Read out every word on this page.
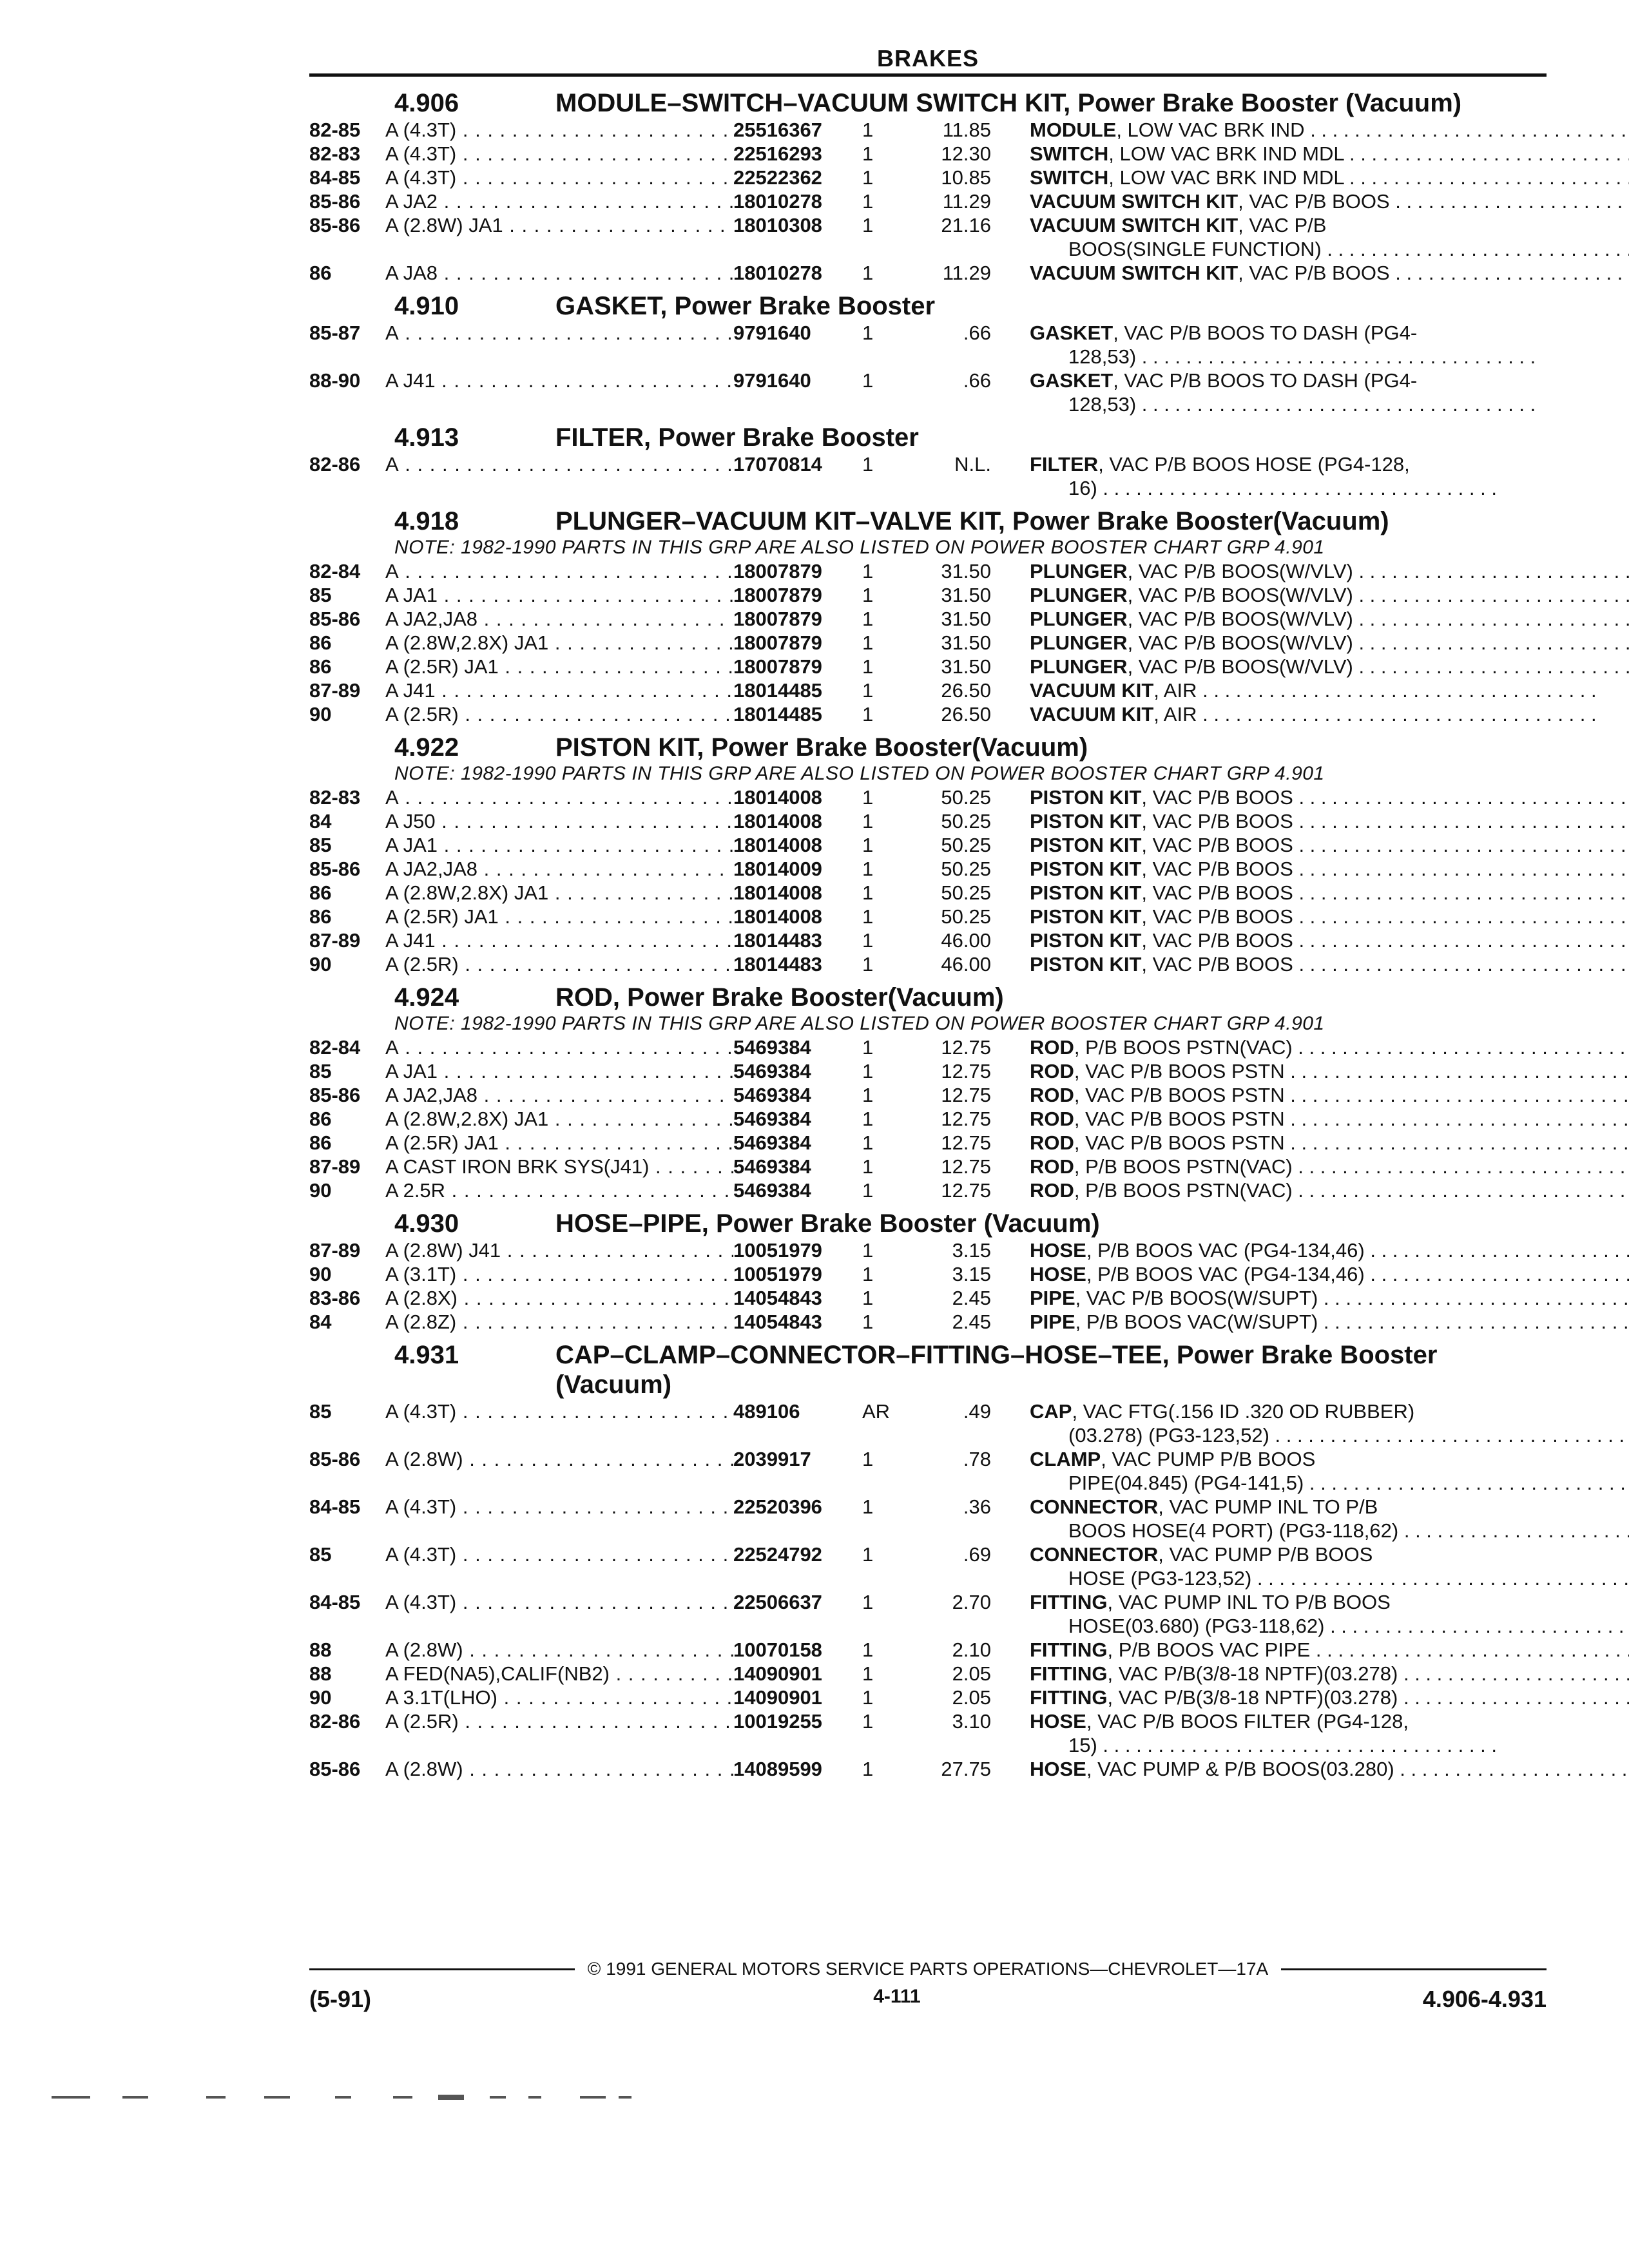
BRAKES
4.906	MODULE–SWITCH–VACUUM SWITCH KIT, Power Brake Booster (Vacuum)
82-85	A (4.3T) . . .	25516367	1	11.85	MODULE, LOW VAC BRK IND . . .
82-83	A (4.3T) . . .	22516293	1	12.30	SWITCH, LOW VAC BRK IND MDL . . .
84-85	A (4.3T) . . .	22522362	1	10.85	SWITCH, LOW VAC BRK IND MDL . . .
85-86	A JA2 . . .	18010278	1	11.29	VACUUM SWITCH KIT, VAC P/B BOOS . . .
85-86	A (2.8W) JA1 . . .	18010308	1	21.16	VACUUM SWITCH KIT, VAC P/B
BOOS(SINGLE FUNCTION) . . .
86	A JA8 . . .	18010278	1	11.29	VACUUM SWITCH KIT, VAC P/B BOOS . . .
4.910	GASKET, Power Brake Booster
85-87	A . . .	9791640	1	.66	GASKET, VAC P/B BOOS TO DASH (PG4-
128,53) . . .
88-90	A J41 . . .	9791640	1	.66	GASKET, VAC P/B BOOS TO DASH (PG4-
128,53) . . .
4.913	FILTER, Power Brake Booster
82-86	A . . .	17070814	1	N.L.	FILTER, VAC P/B BOOS HOSE (PG4-128,
16) . . .
4.918	PLUNGER–VACUUM KIT–VALVE KIT, Power Brake Booster(Vacuum)
NOTE: 1982-1990 PARTS IN THIS GRP ARE ALSO LISTED ON POWER BOOSTER CHART GRP 4.901
82-84	A . . .	18007879	1	31.50	PLUNGER, VAC P/B BOOS(W/VLV) . . .
85	A JA1 . . .	18007879	1	31.50	PLUNGER, VAC P/B BOOS(W/VLV) . . .
85-86	A JA2,JA8 . . .	18007879	1	31.50	PLUNGER, VAC P/B BOOS(W/VLV) . . .
86	A (2.8W,2.8X) JA1 . . .	18007879	1	31.50	PLUNGER, VAC P/B BOOS(W/VLV) . . .
86	A (2.5R) JA1 . . .	18007879	1	31.50	PLUNGER, VAC P/B BOOS(W/VLV) . . .
87-89	A J41 . . .	18014485	1	26.50	VACUUM KIT, AIR . . .
90	A (2.5R) . . .	18014485	1	26.50	VACUUM KIT, AIR . . .
4.922	PISTON KIT, Power Brake Booster(Vacuum)
NOTE: 1982-1990 PARTS IN THIS GRP ARE ALSO LISTED ON POWER BOOSTER CHART GRP 4.901
82-83	A . . .	18014008	1	50.25	PISTON KIT, VAC P/B BOOS . . .
84	A J50 . . .	18014008	1	50.25	PISTON KIT, VAC P/B BOOS . . .
85	A JA1 . . .	18014008	1	50.25	PISTON KIT, VAC P/B BOOS . . .
85-86	A JA2,JA8 . . .	18014009	1	50.25	PISTON KIT, VAC P/B BOOS . . .
86	A (2.8W,2.8X) JA1 . . .	18014008	1	50.25	PISTON KIT, VAC P/B BOOS . . .
86	A (2.5R) JA1 . . .	18014008	1	50.25	PISTON KIT, VAC P/B BOOS . . .
87-89	A J41 . . .	18014483	1	46.00	PISTON KIT, VAC P/B BOOS . . .
90	A (2.5R) . . .	18014483	1	46.00	PISTON KIT, VAC P/B BOOS . . .
4.924	ROD, Power Brake Booster(Vacuum)
NOTE: 1982-1990 PARTS IN THIS GRP ARE ALSO LISTED ON POWER BOOSTER CHART GRP 4.901
82-84	A . . .	5469384	1	12.75	ROD, P/B BOOS PSTN(VAC) . . .
85	A JA1 . . .	5469384	1	12.75	ROD, VAC P/B BOOS PSTN . . .
85-86	A JA2,JA8 . . .	5469384	1	12.75	ROD, VAC P/B BOOS PSTN . . .
86	A (2.8W,2.8X) JA1 . . .	5469384	1	12.75	ROD, VAC P/B BOOS PSTN . . .
86	A (2.5R) JA1 . . .	5469384	1	12.75	ROD, VAC P/B BOOS PSTN . . .
87-89	A CAST IRON BRK SYS(J41) . . .	5469384	1	12.75	ROD, P/B BOOS PSTN(VAC) . . .
90	A 2.5R . . .	5469384	1	12.75	ROD, P/B BOOS PSTN(VAC) . . .
4.930	HOSE–PIPE, Power Brake Booster (Vacuum)
87-89	A (2.8W) J41 . . .	10051979	1	3.15	HOSE, P/B BOOS VAC (PG4-134,46) . . .
90	A (3.1T) . . .	10051979	1	3.15	HOSE, P/B BOOS VAC (PG4-134,46) . . .
83-86	A (2.8X) . . .	14054843	1	2.45	PIPE, VAC P/B BOOS(W/SUPT) . . .
84	A (2.8Z) . . .	14054843	1	2.45	PIPE, P/B BOOS VAC(W/SUPT) . . .
4.931	CAP–CLAMP–CONNECTOR–FITTING–HOSE–TEE, Power Brake Booster (Vacuum)
85	A (4.3T) . . .	489106	AR	.49	CAP, VAC FTG(.156 ID .320 OD RUBBER)
(03.278) (PG3-123,52) . . .
85-86	A (2.8W) . . .	2039917	1	.78	CLAMP, VAC PUMP P/B BOOS
PIPE(04.845) (PG4-141,5) . . .
84-85	A (4.3T) . . .	22520396	1	.36	CONNECTOR, VAC PUMP INL TO P/B
BOOS HOSE(4 PORT) (PG3-118,62) . . .
85	A (4.3T) . . .	22524792	1	.69	CONNECTOR, VAC PUMP P/B BOOS
HOSE (PG3-123,52) . . .
84-85	A (4.3T) . . .	22506637	1	2.70	FITTING, VAC PUMP INL TO P/B BOOS
HOSE(03.680) (PG3-118,62) . . .
88	A (2.8W) . . .	10070158	1	2.10	FITTING, P/B BOOS VAC PIPE . . .
88	A FED(NA5),CALIF(NB2) . . .	14090901	1	2.05	FITTING, VAC P/B(3/8-18 NPTF)(03.278) . . .
90	A 3.1T(LHO) . . .	14090901	1	2.05	FITTING, VAC P/B(3/8-18 NPTF)(03.278) . . .
82-86	A (2.5R) . . .	10019255	1	3.10	HOSE, VAC P/B BOOS FILTER (PG4-128,
15) . . .
85-86	A (2.8W) . . .	14089599	1	27.75	HOSE, VAC PUMP & P/B BOOS(03.280) . . .
© 1991 GENERAL MOTORS SERVICE PARTS OPERATIONS—CHEVROLET—17A
(5-91)	4-111	4.906-4.931
